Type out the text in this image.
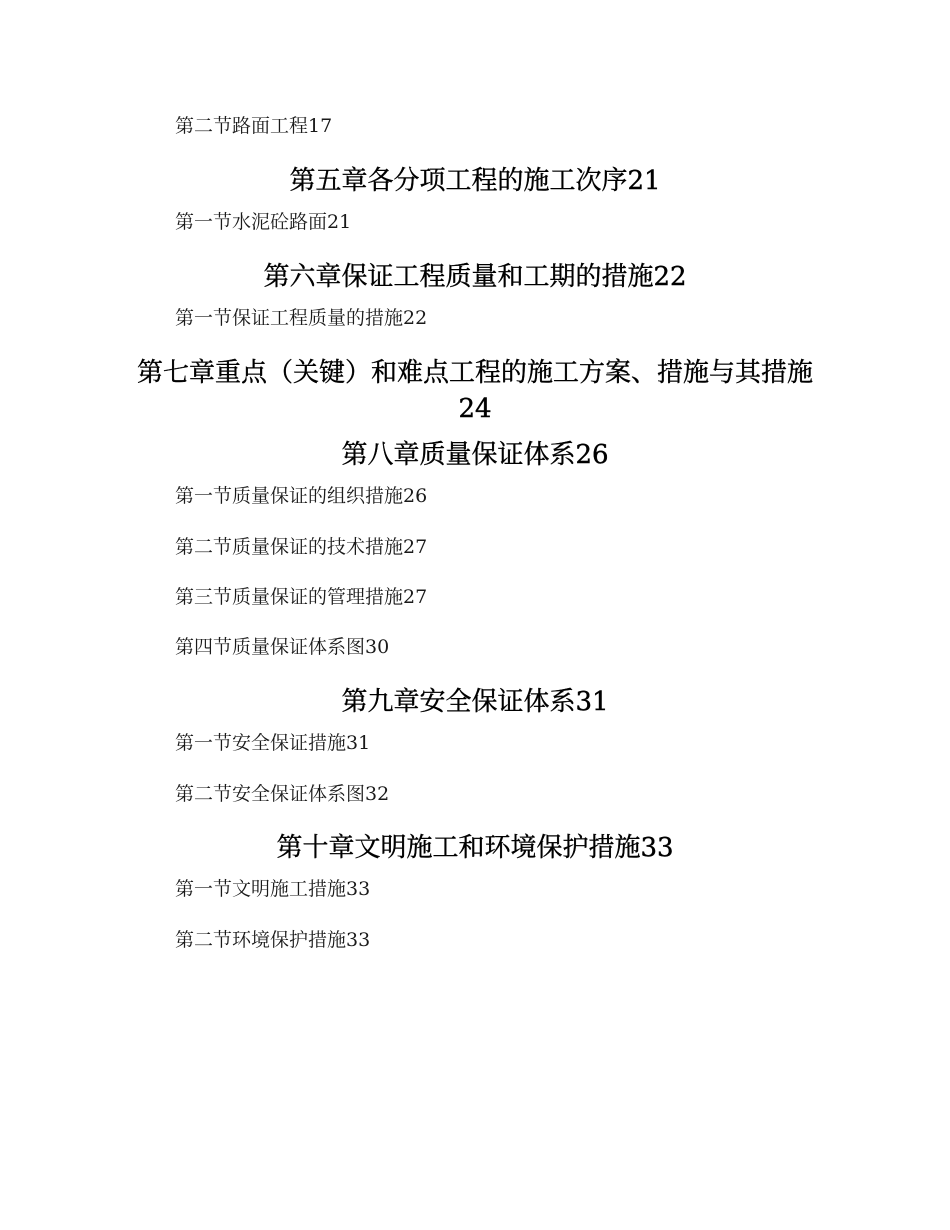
第二节路面工程17
第五章各分项工程的施工次序21
第一节水泥砼路面21
第六章保证工程质量和工期的措施22
第一节保证工程质量的措施22
第七章重点（关键）和难点工程的施工方案、措施与其措施24
第八章质量保证体系26
第一节质量保证的组织措施26
第二节质量保证的技术措施27
第三节质量保证的管理措施27
第四节质量保证体系图30
第九章安全保证体系31
第一节安全保证措施31
第二节安全保证体系图32
第十章文明施工和环境保护措施33
第一节文明施工措施33
第二节环境保护措施33
